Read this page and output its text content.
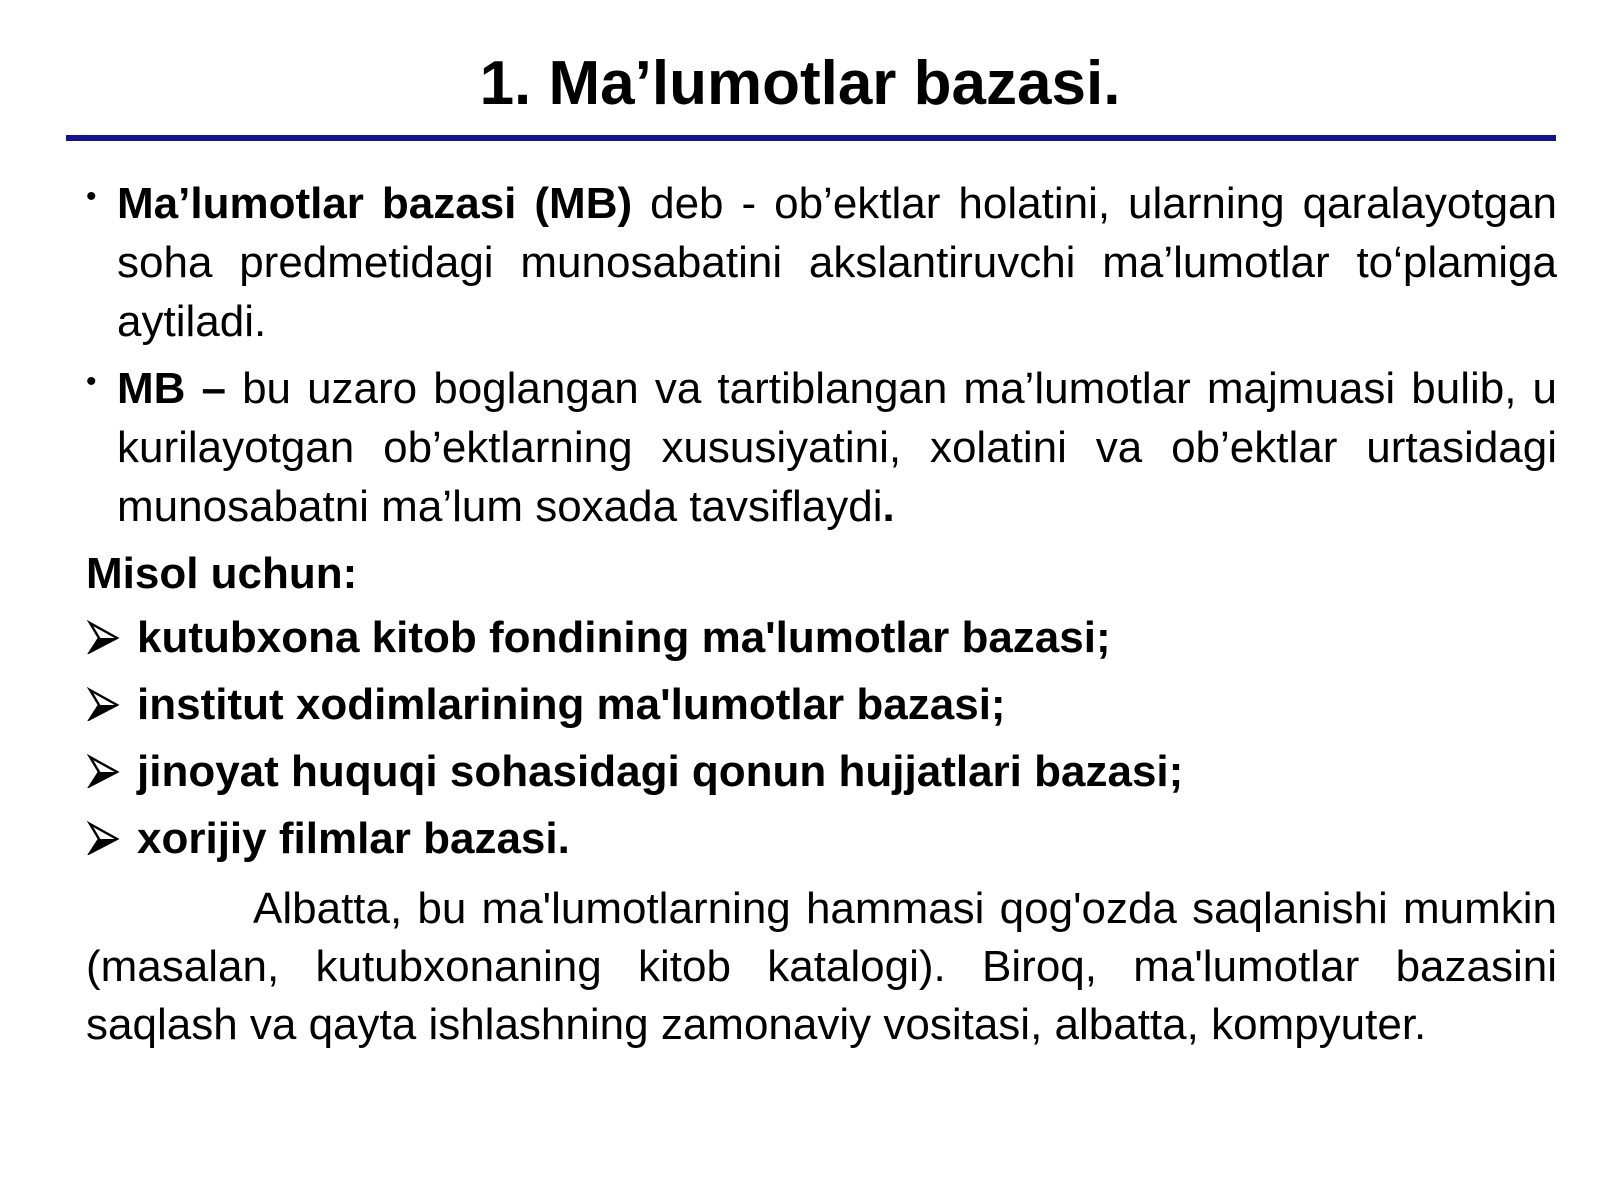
1. Ma’lumotlar bazasi.
• Ma’lumotlar bazasi (MB) deb - ob’ektlar holatini, ularning qaralayotgan soha predmetidagi munosabatini akslantiruvchi ma’lumotlar to‘plamiga aytiladi.
• MB – bu uzaro boglangan va tartiblangan ma’lumotlar majmuasi bulib, u kurilayotgan ob’ektlarning xususiyatini, xolatini va ob’ektlar urtasidagi munosabatni ma’lum soxada tavsiflaydi.
Misol uchun:
kutubxona kitob fondining ma'lumotlar bazasi;
institut xodimlarining ma'lumotlar bazasi;
jinoyat huquqi sohasidagi qonun hujjatlari bazasi;
xorijiy filmlar bazasi.

Albatta, bu ma'lumotlarning hammasi qog'ozda saqlanishi mumkin (masalan, kutubxonaning kitob katalogi). Biroq, ma'lumotlar bazasini saqlash va qayta ishlashning zamonaviy vositasi, albatta, kompyuter.
